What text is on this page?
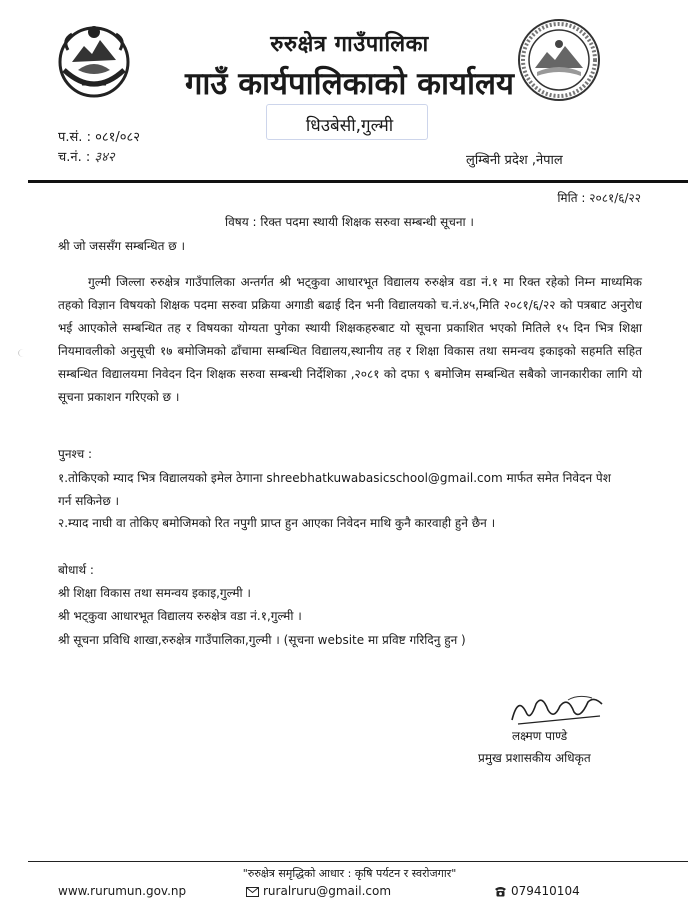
रुरुक्षेत्र गाउँपालिका
गाउँ कार्यपालिकाको कार्यालय
धिउबेसी,गुल्मी
प.सं. : ०८१/०८२
च.नं. : ३४२	लुम्बिनी प्रदेश ,नेपाल
मिति : २०८१/६/२२
विषय : रिक्त पदमा स्थायी शिक्षक सरुवा सम्बन्धी सूचना ।
श्री जो जससँग सम्बन्धित छ ।
गुल्मी जिल्ला रुरुक्षेत्र गाउँपालिका अन्तर्गत श्री भट्कुवा आधारभूत विद्यालय रुरुक्षेत्र वडा नं.१ मा रिक्त रहेको निम्न माध्यमिक तहको विज्ञान विषयको शिक्षक पदमा सरुवा प्रक्रिया अगाडी बढाई दिन भनी विद्यालयको च.नं.४५,मिति २०८१/६/२२ को पत्रबाट अनुरोध भई आएकोले सम्बन्धित तह र विषयका योग्यता पुगेका स्थायी शिक्षकहरुबाट यो सूचना प्रकाशित भएको मितिले १५ दिन भित्र शिक्षा नियमावलीको अनुसूची १७ बमोजिमको ढाँचामा सम्बन्धित विद्यालय,स्थानीय तह र शिक्षा विकास तथा समन्वय इकाइको सहमति सहित सम्बन्धित विद्यालयमा निवेदन दिन शिक्षक सरुवा सम्बन्धी निर्देशिका ,२०८१ को दफा ९ बमोजिम सम्बन्धित सबैको जानकारीका लागि यो सूचना प्रकाशन गरिएको छ ।
पुनश्च :
१.तोकिएको म्याद भित्र विद्यालयको इमेल ठेगाना shreebhatkuwabasicschool@gmail.com मार्फत समेत निवेदन पेश गर्न सकिनेछ ।
२.म्याद नाघी वा तोकिए बमोजिमको रित नपुगी प्राप्त हुन आएका निवेदन माथि कुनै कारवाही हुने छैन ।
बोधार्थ :
श्री शिक्षा विकास तथा समन्वय इकाइ,गुल्मी ।
श्री भट्कुवा आधारभूत विद्यालय रुरुक्षेत्र वडा नं.१,गुल्मी ।
श्री सूचना प्रविधि शाखा,रुरुक्षेत्र गाउँपालिका,गुल्मी । (सूचना website मा प्रविष्ट गरिदिनु हुन )
लक्ष्मण पाण्डे
प्रमुख प्रशासकीय अधिकृत
"रुरुक्षेत्र समृद्धिको आधार : कृषि पर्यटन र स्वरोजगार"
www.rurumun.gov.np	ruralruru@gmail.com	079410104
